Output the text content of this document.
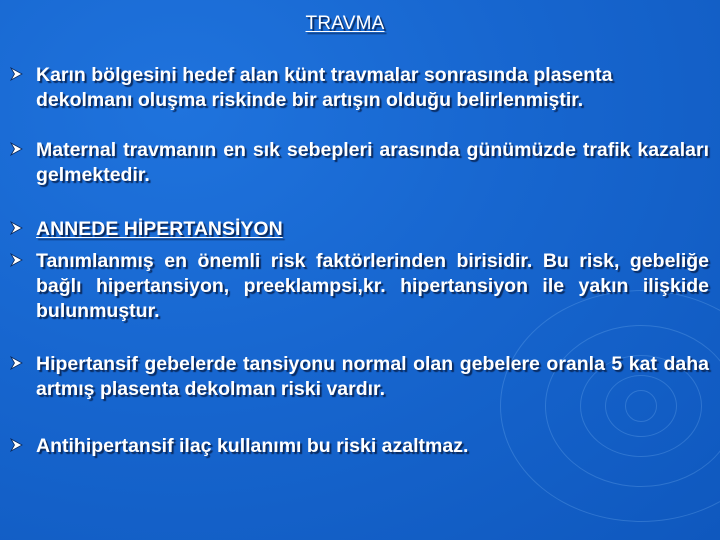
TRAVMA
Karın bölgesini hedef alan künt travmalar sonrasında plasenta dekolmanı oluşma riskinde bir artışın olduğu belirlenmiştir.
Maternal travmanın en sık sebepleri arasında günümüzde trafik kazaları gelmektedir.
ANNEDE HİPERTANSİYON
Tanımlanmış en önemli risk faktörlerinden birisidir. Bu risk, gebeliğe bağlı hipertansiyon, preeklampsi,kr. hipertansiyon ile yakın ilişkide bulunmuştur.
Hipertansif gebelerde tansiyonu normal olan gebelere oranla 5 kat daha artmış plasenta dekolman riski vardır.
Antihipertansif ilaç kullanımı bu riski azaltmaz.
